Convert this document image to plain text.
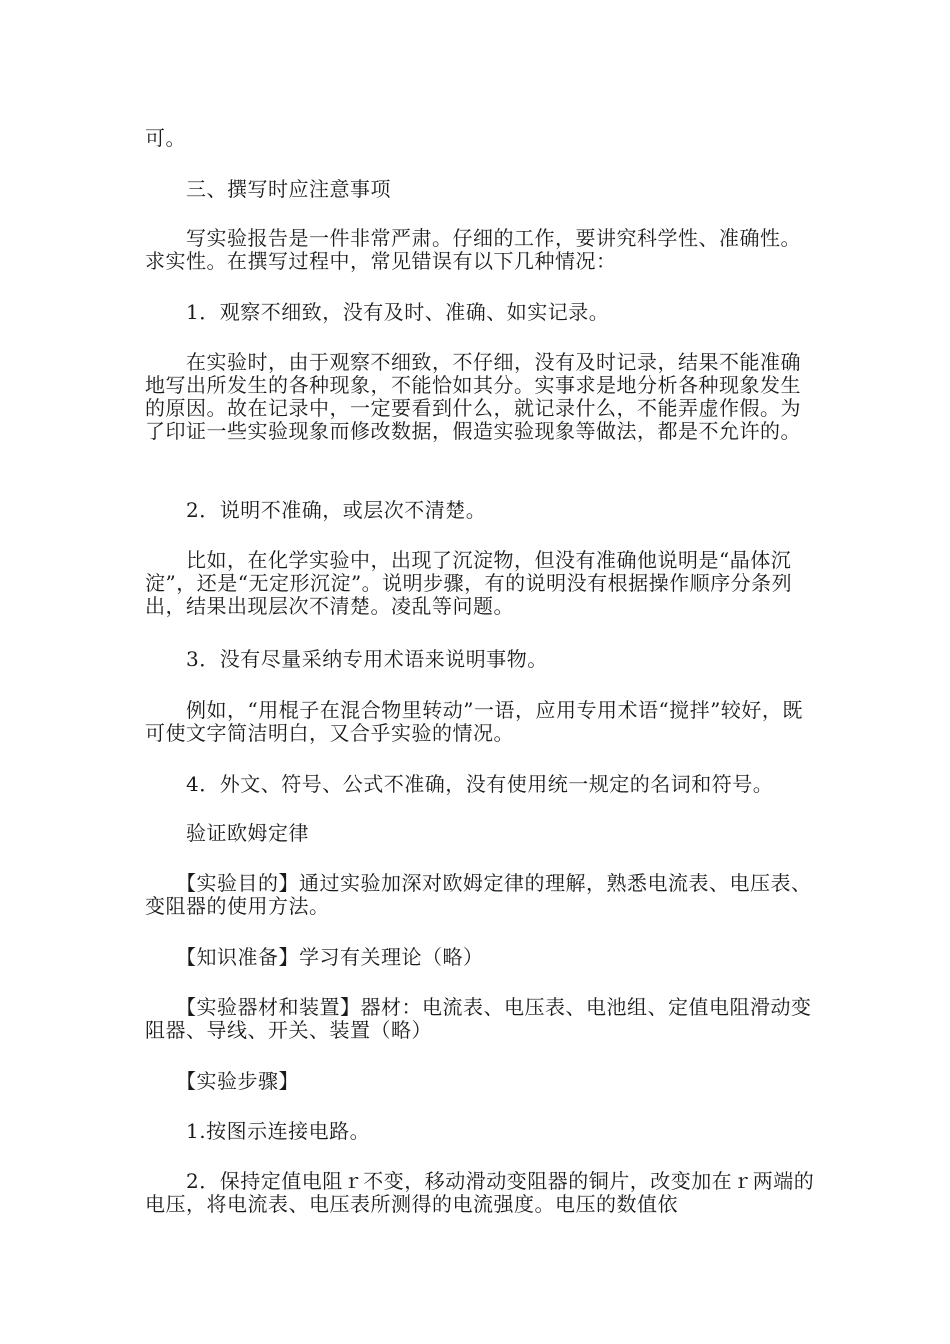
可。

　　三、撰写时应注意事项

　　写实验报告是一件非常严肃。仔细的工作，要讲究科学性、准确性。求实性。在撰写过程中，常见错误有以下几种情况：

　　1．观察不细致，没有及时、准确、如实记录。

　　在实验时，由于观察不细致，不仔细，没有及时记录，结果不能准确地写出所发生的各种现象，不能恰如其分。实事求是地分析各种现象发生的原因。故在记录中，一定要看到什么，就记录什么，不能弄虚作假。为了印证一些实验现象而修改数据，假造实验现象等做法，都是不允许的。

　　2．说明不准确，或层次不清楚。

　　比如，在化学实验中，出现了沉淀物，但没有准确他说明是“晶体沉淀”，还是“无定形沉淀”。说明步骤，有的说明没有根据操作顺序分条列出，结果出现层次不清楚。凌乱等问题。

　　3．没有尽量采纳专用术语来说明事物。

　　例如，“用棍子在混合物里转动”一语，应用专用术语“搅拌”较好，既可使文字简洁明白，又合乎实验的情况。

　　4．外文、符号、公式不准确，没有使用统一规定的名词和符号。

　　验证欧姆定律

　　【实验目的】通过实验加深对欧姆定律的理解，熟悉电流表、电压表、变阻器的使用方法。

　　【知识准备】学习有关理论（略）

　　【实验器材和装置】器材：电流表、电压表、电池组、定值电阻滑动变阻器、导线、开关、装置（略）

　　【实验步骤】

　　1.按图示连接电路。

　　2．保持定值电阻ｒ不变，移动滑动变阻器的铜片，改变加在ｒ两端的电压，将电流表、电压表所测得的电流强度。电压的数值依
